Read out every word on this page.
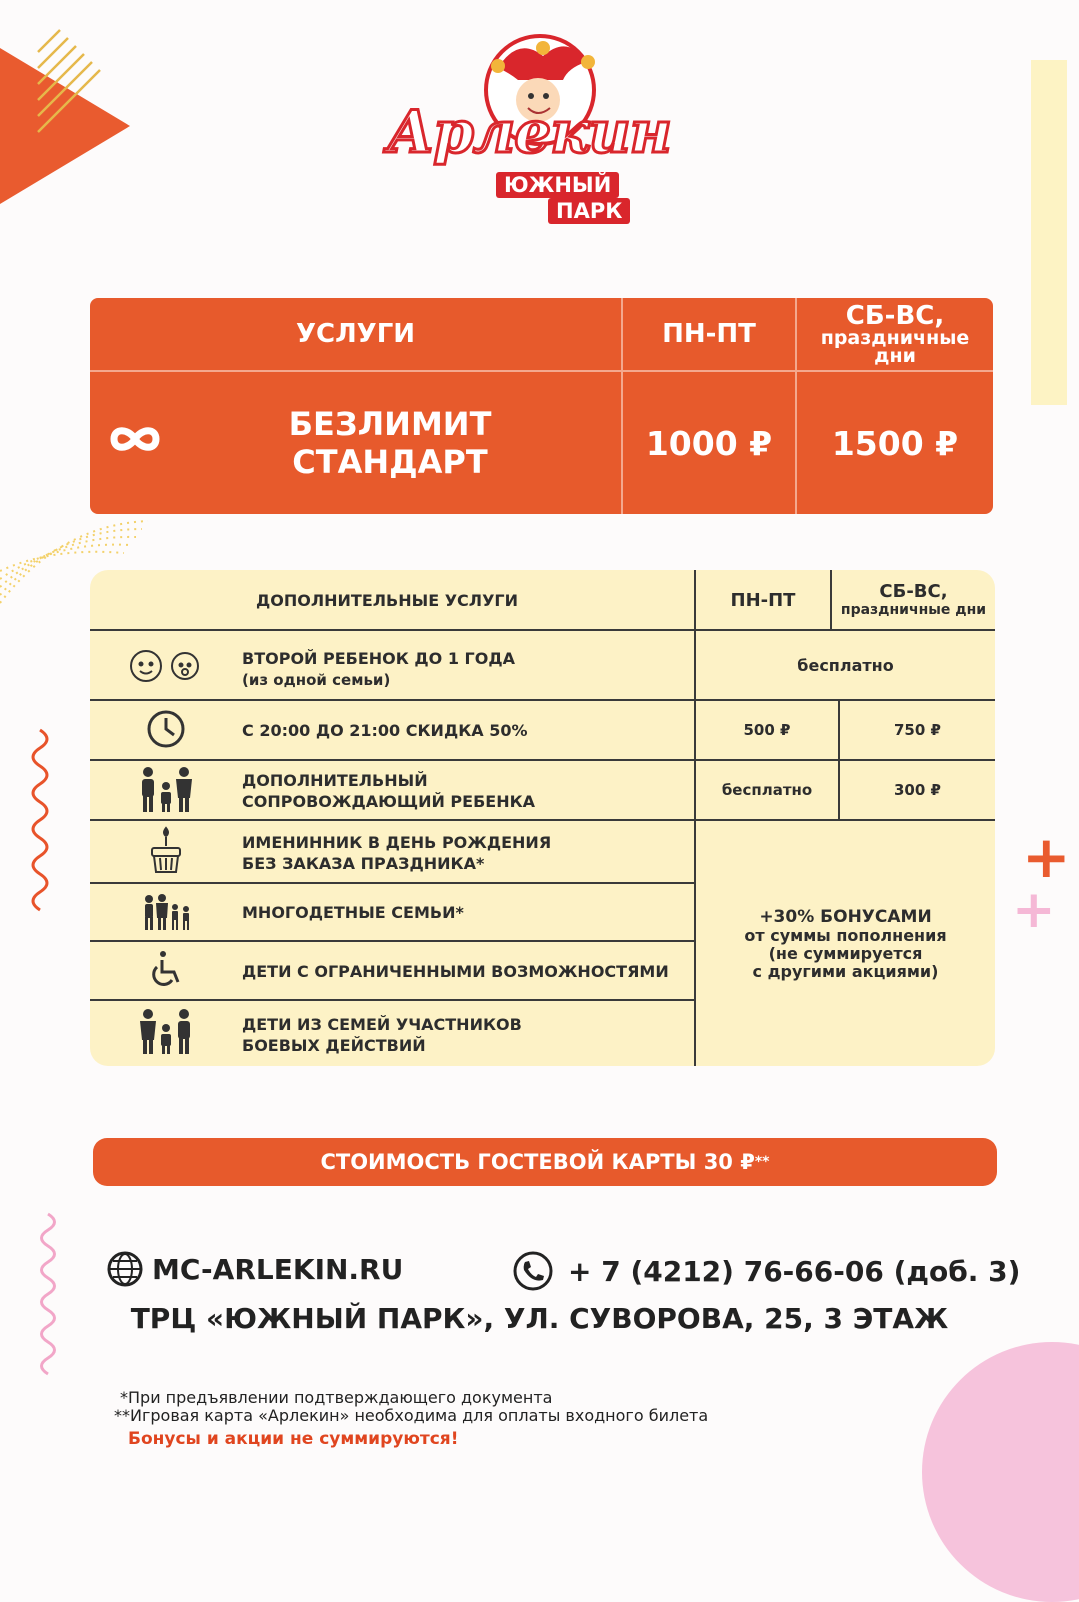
+
+
Арлекин
ЮЖНЫЙ
ПАРК
УСЛУГИ	ПН-ПТ
СБ-ВС,
праздничные дни
БЕЗЛИМИТ СТАНДАРТ	1000 ₽ 1500 ₽
ДОПОЛНИТЕЛЬНЫЕ УСЛУГИ	ПН-ПТ	СБ-ВС,
праздничные дни
ВТОРОЙ РЕБЕНОК ДО 1 ГОДА
(из одной семьи)
бесплатно
С 20:00 ДО 21:00 СКИДКА 50%	500 ₽	750 ₽
ДОПОЛНИТЕЛЬНЫЙ
СОПРОВОЖДАЮЩИЙ РЕБЕНКА
бесплатно	300 ₽
ИМЕНИННИК В ДЕНЬ РОЖДЕНИЯ
БЕЗ ЗАКАЗА ПРАЗДНИКА*
МНОГОДЕТНЫЕ СЕМЬИ*
ДЕТИ С ОГРАНИЧЕННЫМИ ВОЗМОЖНОСТЯМИ
ДЕТИ ИЗ СЕМЕЙ УЧАСТНИКОВ
БОЕВЫХ ДЕЙСТВИЙ
+30% БОНУСАМИ
от суммы пополнения
(не суммируется
с другими акциями)
СТОИМОСТЬ ГОСТЕВОЙ КАРТЫ 30 ₽ **
MC-ARLEKIN.RU	+ 7 (4212) 76-66-06 (доб. 3)
ТРЦ «ЮЖНЫЙ ПАРК», УЛ. СУВОРОВА, 25, 3 ЭТАЖ
*При предъявлении подтверждающего документа
**Игровая карта «Арлекин» необходима для оплаты входного билета
Бонусы и акции не суммируются!
